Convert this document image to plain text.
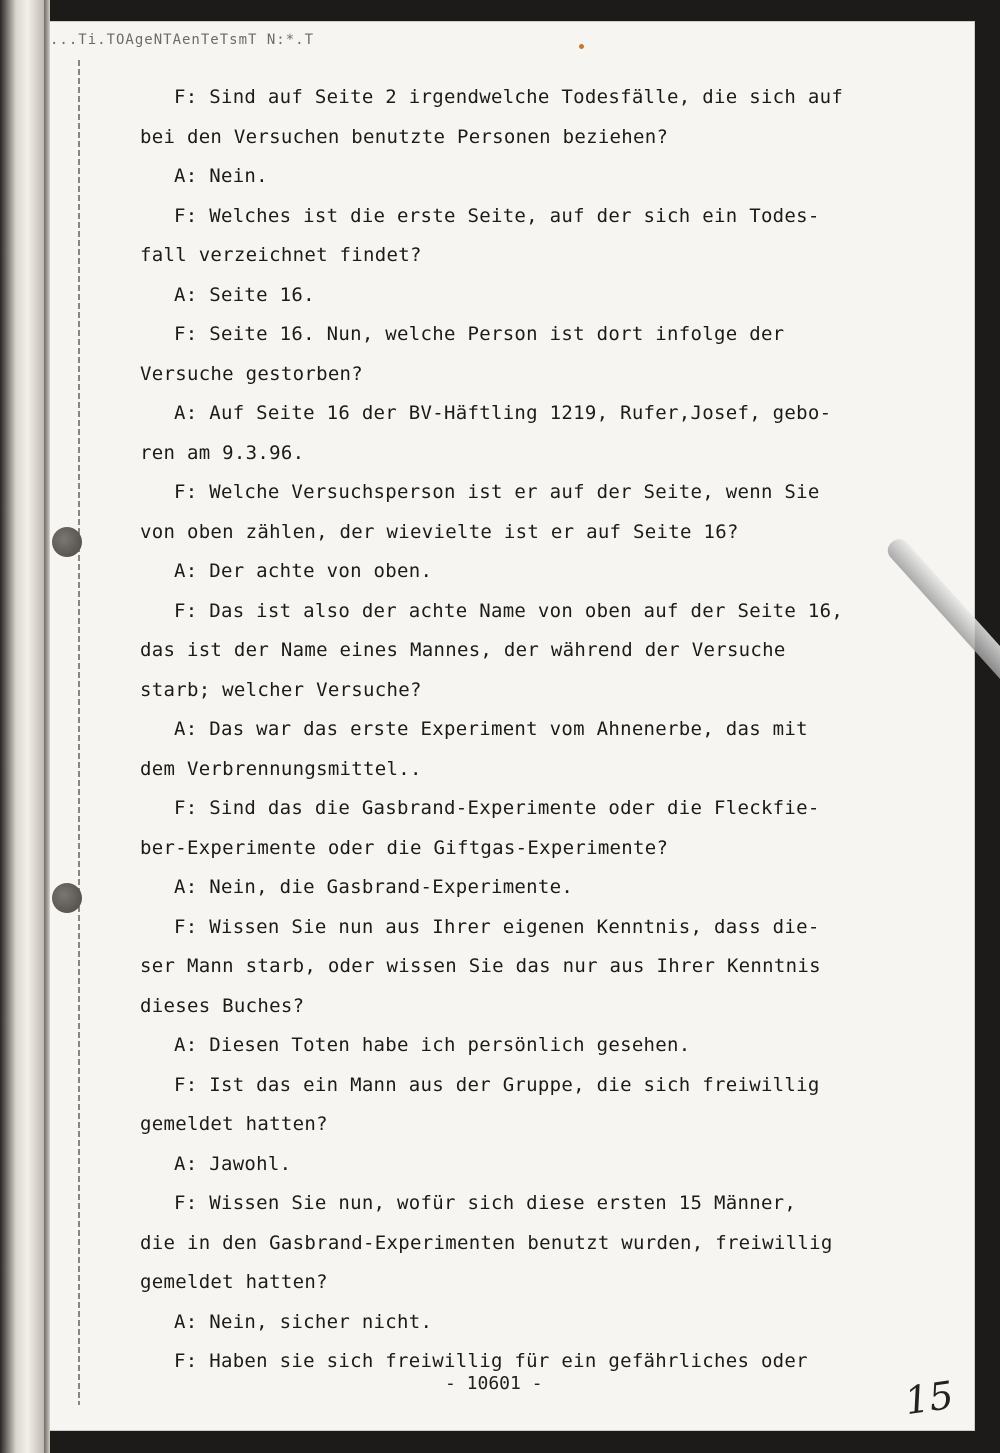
...Ti.TOAgeNTAenTeTsmT N:*.T
F: Sind auf Seite 2 irgendwelche Todesfälle, die sich auf
bei den Versuchen benutzte Personen beziehen?
A: Nein.
F: Welches ist die erste Seite, auf der sich ein Todes-
fall verzeichnet findet?
A: Seite 16.
F: Seite 16. Nun, welche Person ist dort infolge der
Versuche gestorben?
A: Auf Seite 16 der BV-Häftling 1219, Rufer,Josef, gebo-
ren am 9.3.96.
F: Welche Versuchsperson ist er auf der Seite, wenn Sie
von oben zählen, der wievielte ist er auf Seite 16?
A: Der achte von oben.
F: Das ist also der achte Name von oben auf der Seite 16,
das ist der Name eines Mannes, der während der Versuche
starb; welcher Versuche?
A: Das war das erste Experiment vom Ahnenerbe, das mit
dem Verbrennungsmittel..
F: Sind das die Gasbrand-Experimente oder die Fleckfie-
ber-Experimente oder die Giftgas-Experimente?
A: Nein, die Gasbrand-Experimente.
F: Wissen Sie nun aus Ihrer eigenen Kenntnis, dass die-
ser Mann starb, oder wissen Sie das nur aus Ihrer Kenntnis
dieses Buches?
A: Diesen Toten habe ich persönlich gesehen.
F: Ist das ein Mann aus der Gruppe, die sich freiwillig
gemeldet hatten?
A: Jawohl.
F: Wissen Sie nun, wofür sich diese ersten 15 Männer,
die in den Gasbrand-Experimenten benutzt wurden, freiwillig
gemeldet hatten?
A: Nein, sicher nicht.
F: Haben sie sich freiwillig für ein gefährliches oder
- 10601 -	15
